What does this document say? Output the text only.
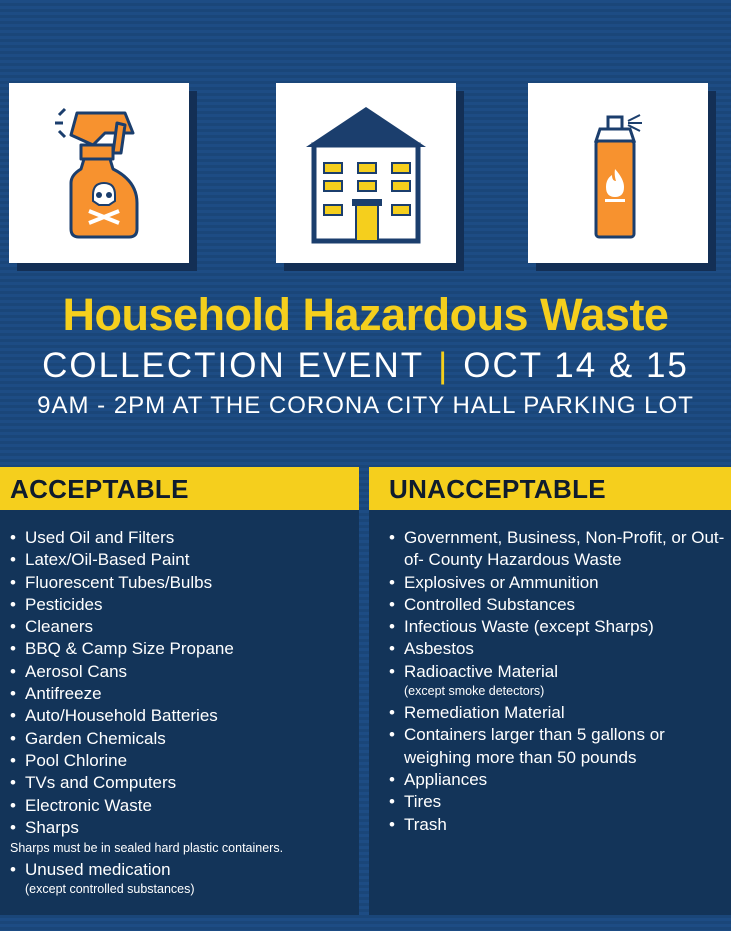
Household Hazardous Waste
COLLECTION EVENT | OCT 14 & 15
9AM - 2PM AT THE CORONA CITY HALL PARKING LOT
ACCEPTABLE
• Used Oil and Filters
• Latex/Oil-Based Paint
• Fluorescent Tubes/Bulbs
• Pesticides
• Cleaners
• BBQ & Camp Size Propane
• Aerosol Cans
• Antifreeze
• Auto/Household Batteries
• Garden Chemicals
• Pool Chlorine
• TVs and Computers
• Electronic Waste
• Sharps
Sharps must be in sealed hard plastic containers.
• Unused medication
(except controlled substances)
UNACCEPTABLE
• Government, Business, Non-Profit, or Out-of- County Hazardous Waste
• Explosives or Ammunition
• Controlled Substances
• Infectious Waste (except Sharps)
• Asbestos
• Radioactive Material
(except smoke detectors)
• Remediation Material
• Containers larger than 5 gallons or weighing more than 50 pounds
• Appliances
• Tires
• Trash
